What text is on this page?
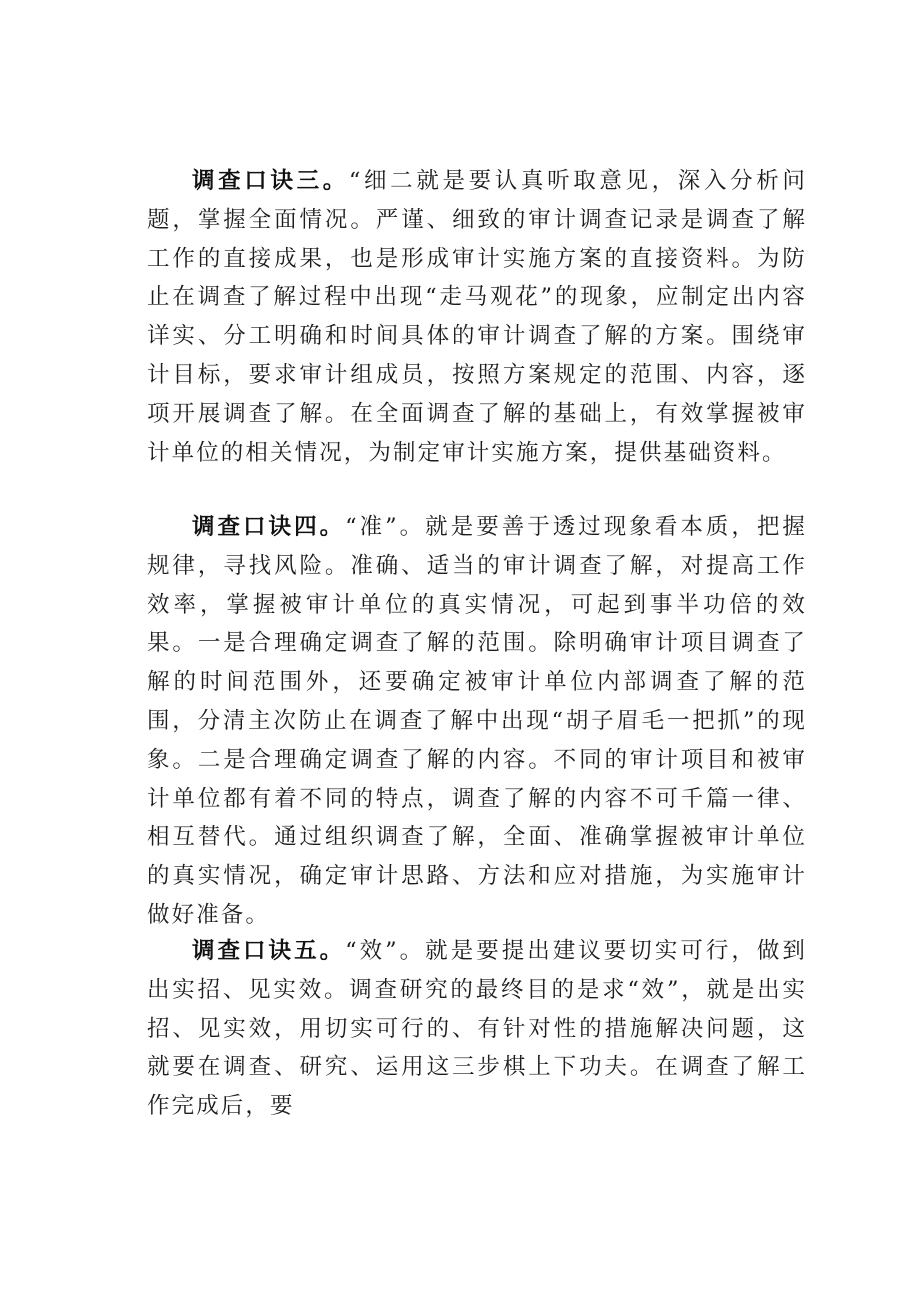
调查口诀三。“细二就是要认真听取意见，深入分析问题，掌握全面情况。严谨、细致的审计调查记录是调查了解工作的直接成果，也是形成审计实施方案的直接资料。为防止在调查了解过程中出现“走马观花”的现象，应制定出内容详实、分工明确和时间具体的审计调查了解的方案。围绕审计目标，要求审计组成员，按照方案规定的范围、内容，逐项开展调查了解。在全面调查了解的基础上，有效掌握被审计单位的相关情况，为制定审计实施方案，提供基础资料。

调查口诀四。“准”。就是要善于透过现象看本质，把握规律，寻找风险。准确、适当的审计调查了解，对提高工作效率，掌握被审计单位的真实情况，可起到事半功倍的效果。一是合理确定调查了解的范围。除明确审计项目调查了解的时间范围外，还要确定被审计单位内部调查了解的范围，分清主次防止在调查了解中出现“胡子眉毛一把抓”的现象。二是合理确定调查了解的内容。不同的审计项目和被审计单位都有着不同的特点，调查了解的内容不可千篇一律、相互替代。通过组织调查了解，全面、准确掌握被审计单位的真实情况，确定审计思路、方法和应对措施，为实施审计做好准备。

调查口诀五。“效”。就是要提出建议要切实可行，做到出实招、见实效。调查研究的最终目的是求“效”，就是出实招、见实效，用切实可行的、有针对性的措施解决问题，这就要在调查、研究、运用这三步棋上下功夫。在调查了解工作完成后，要
